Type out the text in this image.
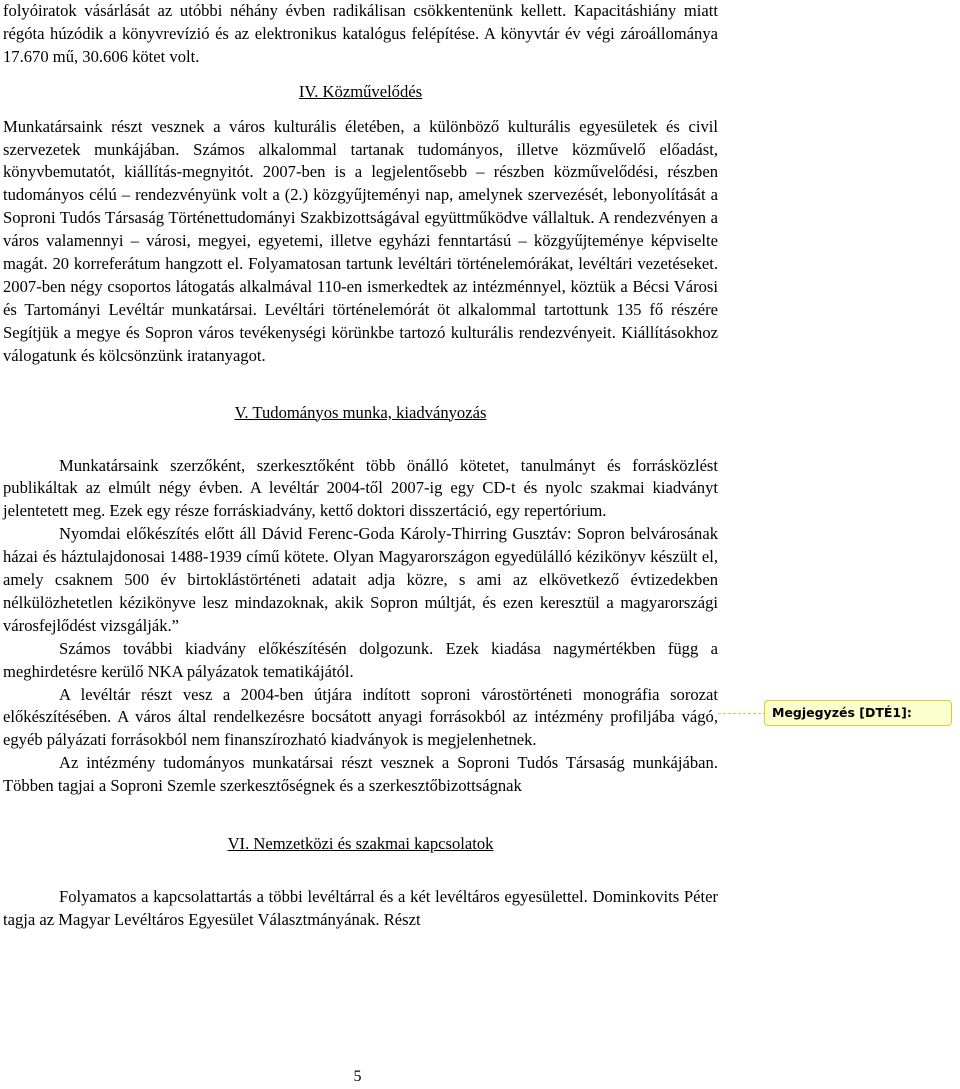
folyóiratok vásárlását az utóbbi néhány évben radikálisan csökkentenünk kellett. Kapacitáshiány miatt régóta húzódik a könyvrevízió és az elektronikus katalógus felépítése. A könyvtár év végi zároállománya 17.670 mű, 30.606 kötet volt.

IV. Közművelődés

Munkatársaink részt vesznek a város kulturális életében, a különböző kulturális egyesületek és civil szervezetek munkájában. Számos alkalommal tartanak tudományos, illetve közművelő előadást, könyvbemutatót, kiállítás-megnyitót. 2007-ben is a legjelentősebb – részben közművelődési, részben tudományos célú – rendezvényünk volt a (2.) közgyűjteményi nap, amelynek szervezését, lebonyolítását a Soproni Tudós Társaság Történettudományi Szakbizottságával együttműködve vállaltuk. A rendezvényen a város valamennyi – városi, megyei, egyetemi, illetve egyházi fenntartású – közgyűjteménye képviselte magát. 20 korreferátum hangzott el. Folyamatosan tartunk levéltári történelemórákat, levéltári vezetéseket. 2007-ben négy csoportos látogatás alkalmával 110-en ismerkedtek az intézménnyel, köztük a Bécsi Városi és Tartományi Levéltár munkatársai. Levéltári történelemórát öt alkalommal tartottunk 135 fő részére Segítjük a megye és Sopron város tevékenységi körünkbe tartozó kulturális rendezvényeit. Kiállításokhoz válogatunk és kölcsönzünk iratanyagot.

V. Tudományos munka, kiadványozás

Munkatársaink szerzőként, szerkesztőként több önálló kötetet, tanulmányt és forrásközlést publikáltak az elmúlt négy évben. A levéltár 2004-től 2007-ig egy CD-t és nyolc szakmai kiadványt jelentetett meg. Ezek egy része forráskiadvány, kettő doktori disszertáció, egy repertórium.

Nyomdai előkészítés előtt áll Dávid Ferenc-Goda Károly-Thirring Gusztáv: Sopron belvárosának házai és háztulajdonosai 1488-1939 című kötete. Olyan Magyarországon egyedülálló kézikönyv készült el, amely csaknem 500 év birtoklástörténeti adatait adja közre, s ami az elkövetkező évtizedekben nélkülözhetetlen kézikönyve lesz mindazoknak, akik Sopron múltját, és ezen keresztül a magyarországi városfejlődést vizsgálják.”

Számos további kiadvány előkészítésén dolgozunk. Ezek kiadása nagymértékben függ a meghirdetésre kerülő NKA pályázatok tematikájától.

A levéltár részt vesz a 2004-ben útjára indított soproni várostörténeti monográfia sorozat előkészítésében. A város által rendelkezésre bocsátott anyagi forrásokból az intézmény profiljába vágó, egyéb pályázati forrásokból nem finanszírozható kiadványok is megjelenhetnek.

Az intézmény tudományos munkatársai részt vesznek a Soproni Tudós Társaság munkájában. Többen tagjai a Soproni Szemle szerkesztőségnek és a szerkesztőbizottságnak

VI. Nemzetközi és szakmai kapcsolatok

Folyamatos a kapcsolattartás a többi levéltárral és a két levéltáros egyesülettel. Dominkovits Péter tagja az Magyar Levéltáros Egyesület Választmányának. Részt

5
Megjegyzés [DTÉ1]:
